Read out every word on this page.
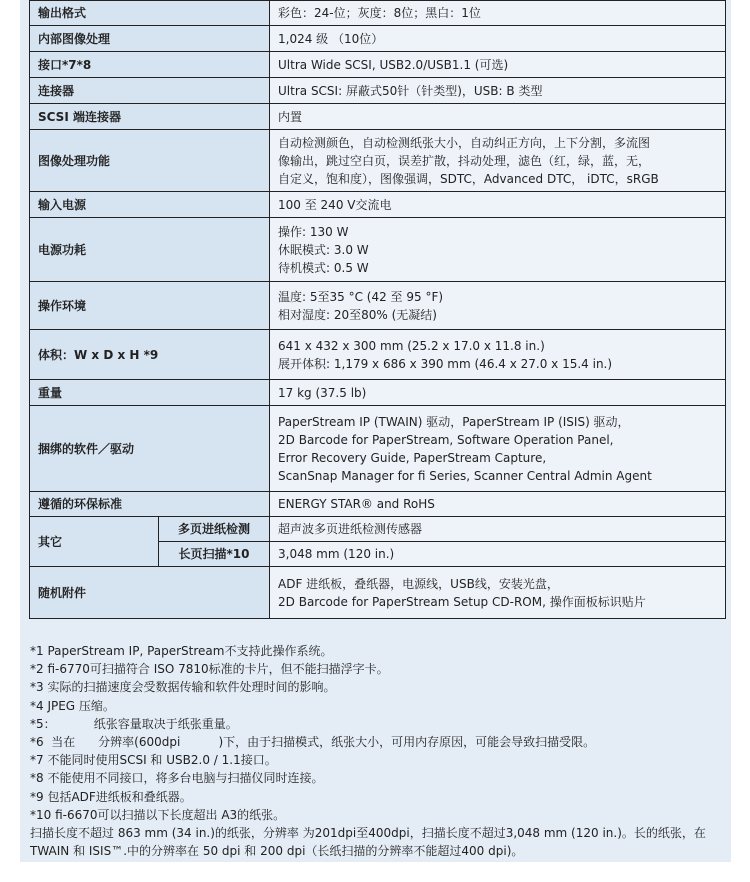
输出格式		彩色：24-位；灰度：8位；黑白：1位

内部图像处理		1,024 级 （10位）

接口*7*8		Ultra Wide SCSI, USB2.0/USB1.1 (可选)

连接器		Ultra SCSI: 屏蔽式50针（针类型)，USB: B 类型

SCSI 端连接器		内置

图像处理功能		自动检测颜色，自动检测纸张大小，自动纠正方向，上下分割，多流图
像输出，跳过空白页，误差扩散，抖动处理，滤色（红，绿，蓝，无，
自定义，饱和度），图像强调，SDTC，Advanced DTC， iDTC，sRGB

输入电源		100 至 240 V交流电

电源功耗		操作: 130 W
休眠模式: 3.0 W
待机模式: 0.5 W

操作环境		温度: 5至35 °C (42 至 95 °F)
相对湿度: 20至80% (无凝结)

体积：W x D x H *9		641 x 432 x 300 mm (25.2 x 17.0 x 11.8 in.)
展开体积: 1,179 x 686 x 390 mm (46.4 x 27.0 x 15.4 in.)

重量		17 kg (37.5 lb)

捆绑的软件／驱动		PaperStream IP (TWAIN) 驱动，PaperStream IP (ISIS) 驱动，
2D Barcode for PaperStream, Software Operation Panel,
Error Recovery Guide, PaperStream Capture,
ScanSnap Manager for fi Series, Scanner Central Admin Agent

遵循的环保标准		ENERGY STAR® and RoHS

其它	多页进纸检测	超声波多页进纸检测传感器
	长页扫描*10	3,048 mm (120 in.)
随机附件		ADF 进纸板，叠纸器，电源线，USB线，安装光盘，
2D Barcode for PaperStream Setup CD-ROM, 操作面板标识贴片
*1 PaperStream IP, PaperStream不支持此操作系统。
*2 fi-6770可扫描符合 ISO 7810标准的卡片，但不能扫描浮字卡。
*3 实际的扫描速度会受数据传输和软件处理时间的影响。
*4 JPEG 压缩。
*5：          纸张容量取决于纸张重量。
*6  当在      分辨率(600dpi          )下，由于扫描模式，纸张大小，可用内存原因，可能会导致扫描受限。
*7 不能同时使用SCSI 和 USB2.0 / 1.1接口。
*8 不能使用不同接口，将多台电脑与扫描仪同时连接。
*9 包括ADF进纸板和叠纸器。
*10 fi-6670可以扫描以下长度超出 A3的纸张。
扫描长度不超过 863 mm (34 in.)的纸张，分辨率 为201dpi至400dpi，扫描长度不超过3,048 mm (120 in.)。长的纸张，在TWAIN 和 ISIS™.中的分辨率在 50 dpi 和 200 dpi（长纸扫描的分辨率不能超过400 dpi)。
